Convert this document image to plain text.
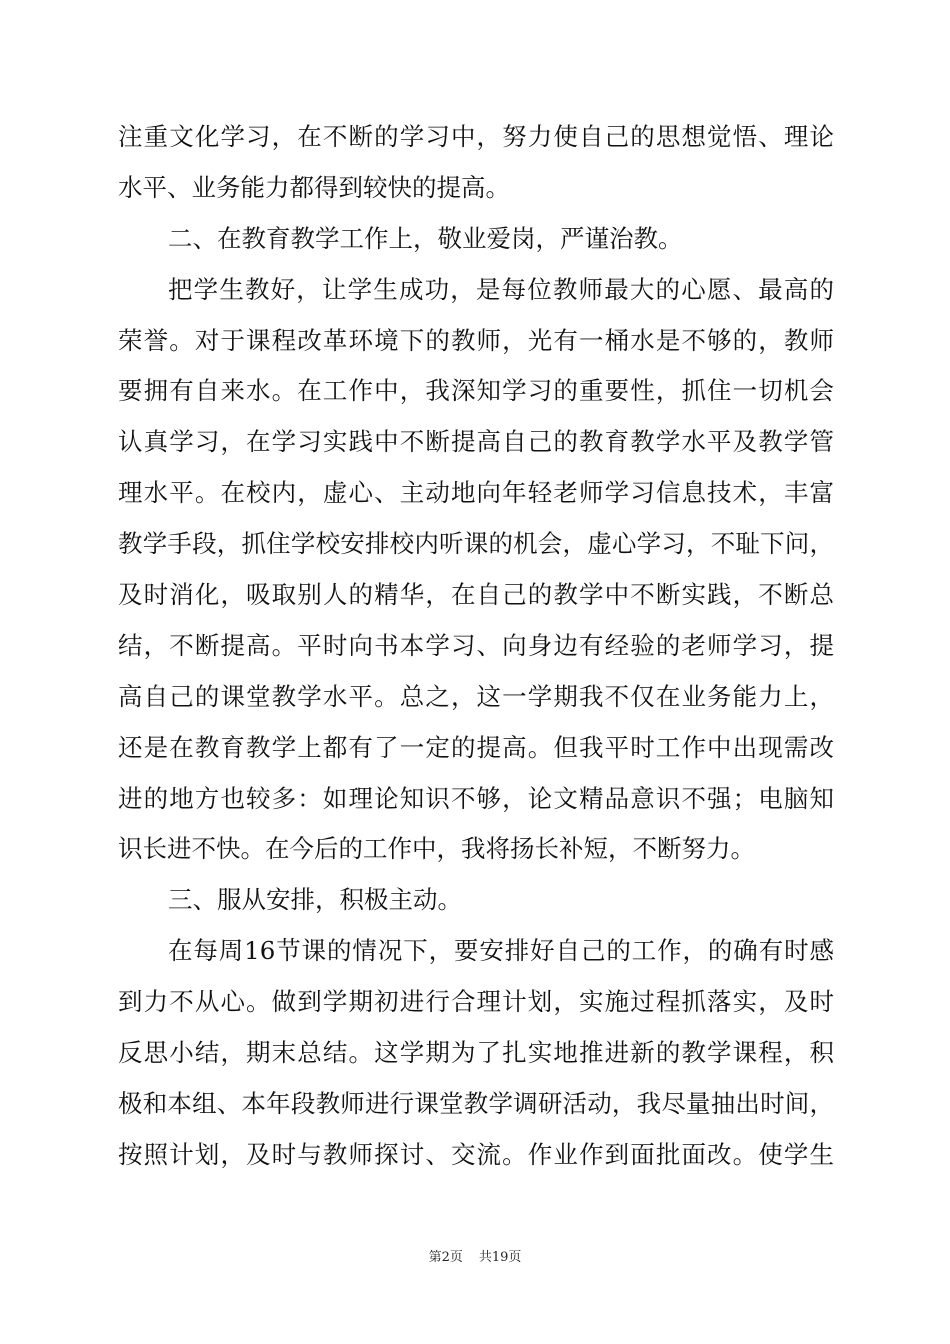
注重文化学习，在不断的学习中，努力使自己的思想觉悟、理论
水平、业务能力都得到较快的提高。
二、在教育教学工作上，敬业爱岗，严谨治教。
把学生教好，让学生成功，是每位教师最大的心愿、最高的
荣誉。对于课程改革环境下的教师，光有一桶水是不够的，教师
要拥有自来水。在工作中，我深知学习的重要性，抓住一切机会
认真学习，在学习实践中不断提高自己的教育教学水平及教学管
理水平。在校内，虚心、主动地向年轻老师学习信息技术，丰富
教学手段，抓住学校安排校内听课的机会，虚心学习，不耻下问，
及时消化，吸取别人的精华，在自己的教学中不断实践，不断总
结，不断提高。平时向书本学习、向身边有经验的老师学习，提
高自己的课堂教学水平。总之，这一学期我不仅在业务能力上，
还是在教育教学上都有了一定的提高。但我平时工作中出现需改
进的地方也较多：如理论知识不够，论文精品意识不强；电脑知
识长进不快。在今后的工作中，我将扬长补短，不断努力。
三、服从安排，积极主动。
在每周16节课的情况下，要安排好自己的工作，的确有时感
到力不从心。做到学期初进行合理计划，实施过程抓落实，及时
反思小结，期末总结。这学期为了扎实地推进新的教学课程，积
极和本组、本年段教师进行课堂教学调研活动，我尽量抽出时间，
按照计划，及时与教师探讨、交流。作业作到面批面改。使学生
第2页 共19页
